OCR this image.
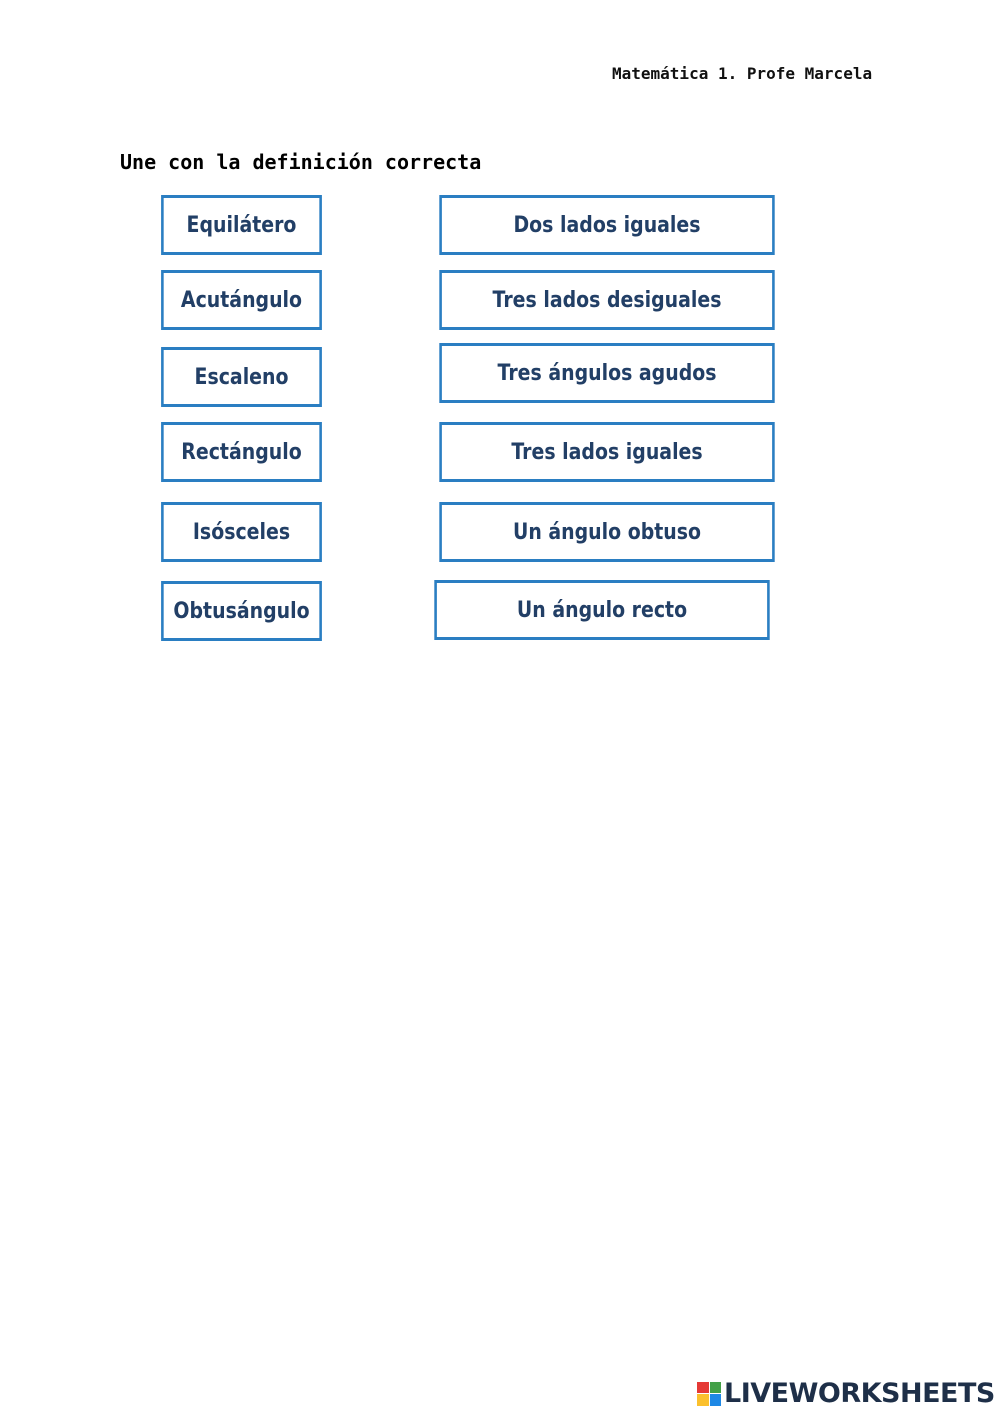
Matemática 1. Profe Marcela
Une con la definición correcta
Equilátero
Acutángulo
Escaleno
Rectángulo
Isósceles
Obtusángulo
Dos lados iguales
Tres lados desiguales
Tres ángulos agudos
Tres lados iguales
Un ángulo obtuso
Un ángulo recto
LIVEWORKSHEETS
